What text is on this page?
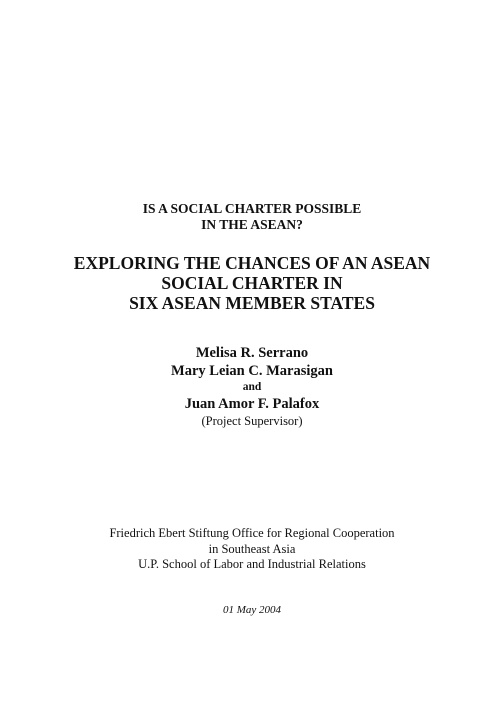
IS A SOCIAL CHARTER POSSIBLE
IN THE ASEAN?
EXPLORING THE CHANCES OF AN ASEAN
SOCIAL CHARTER IN
SIX ASEAN MEMBER STATES
Melisa R. Serrano
Mary Leian C. Marasigan
and
Juan Amor F. Palafox
(Project Supervisor)
Friedrich Ebert Stiftung Office for Regional Cooperation
in Southeast Asia
U.P. School of Labor and Industrial Relations
01 May 2004
